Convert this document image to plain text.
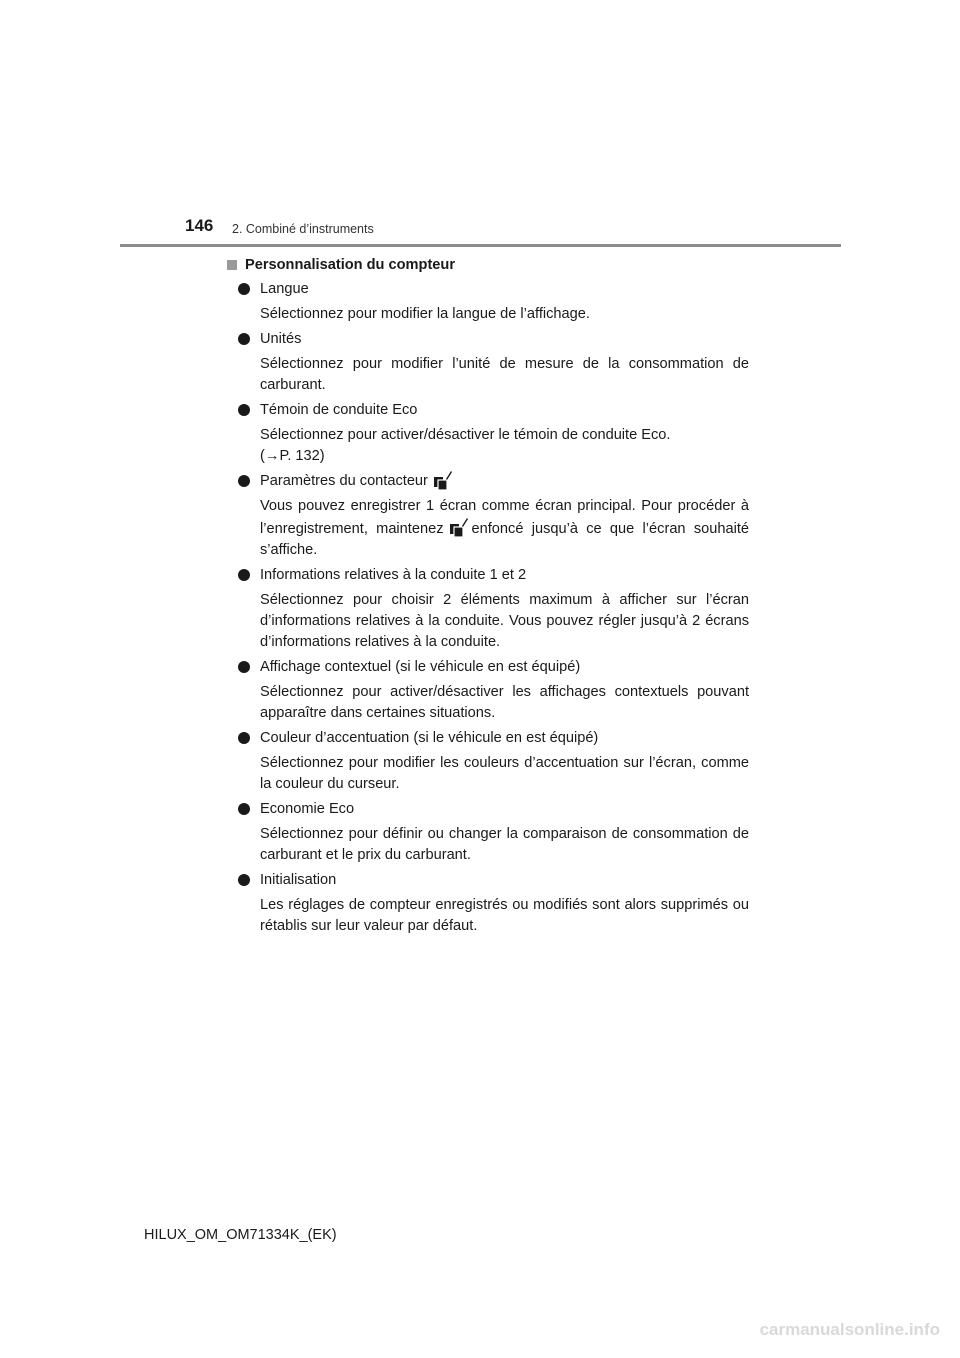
146 2. Combiné d’instruments
Personnalisation du compteur
Langue

Sélectionnez pour modifier la langue de l’affichage.

Unités

Sélectionnez pour modifier l’unité de mesure de la consommation de carburant.

Témoin de conduite Eco

Sélectionnez pour activer/désactiver le témoin de conduite Eco.

(→P. 132)

Paramètres du contacteur

Vous pouvez enregistrer 1 écran comme écran principal. Pour procéder à l’enregistrement, maintenez enfoncé jusqu’à ce que l’écran souhaité s’affiche.

Informations relatives à la conduite 1 et 2

Sélectionnez pour choisir 2 éléments maximum à afficher sur l’écran d’informations relatives à la conduite. Vous pouvez régler jusqu’à 2 écrans d’informations relatives à la conduite.

Affichage contextuel (si le véhicule en est équipé)

Sélectionnez pour activer/désactiver les affichages contextuels pouvant apparaître dans certaines situations.

Couleur d’accentuation (si le véhicule en est équipé)

Sélectionnez pour modifier les couleurs d’accentuation sur l’écran, comme la couleur du curseur.

Economie Eco

Sélectionnez pour définir ou changer la comparaison de consommation de carburant et le prix du carburant.

Initialisation

Les réglages de compteur enregistrés ou modifiés sont alors supprimés ou rétablis sur leur valeur par défaut.

HILUX_OM_OM71334K_(EK)
carmanualsonline.info
